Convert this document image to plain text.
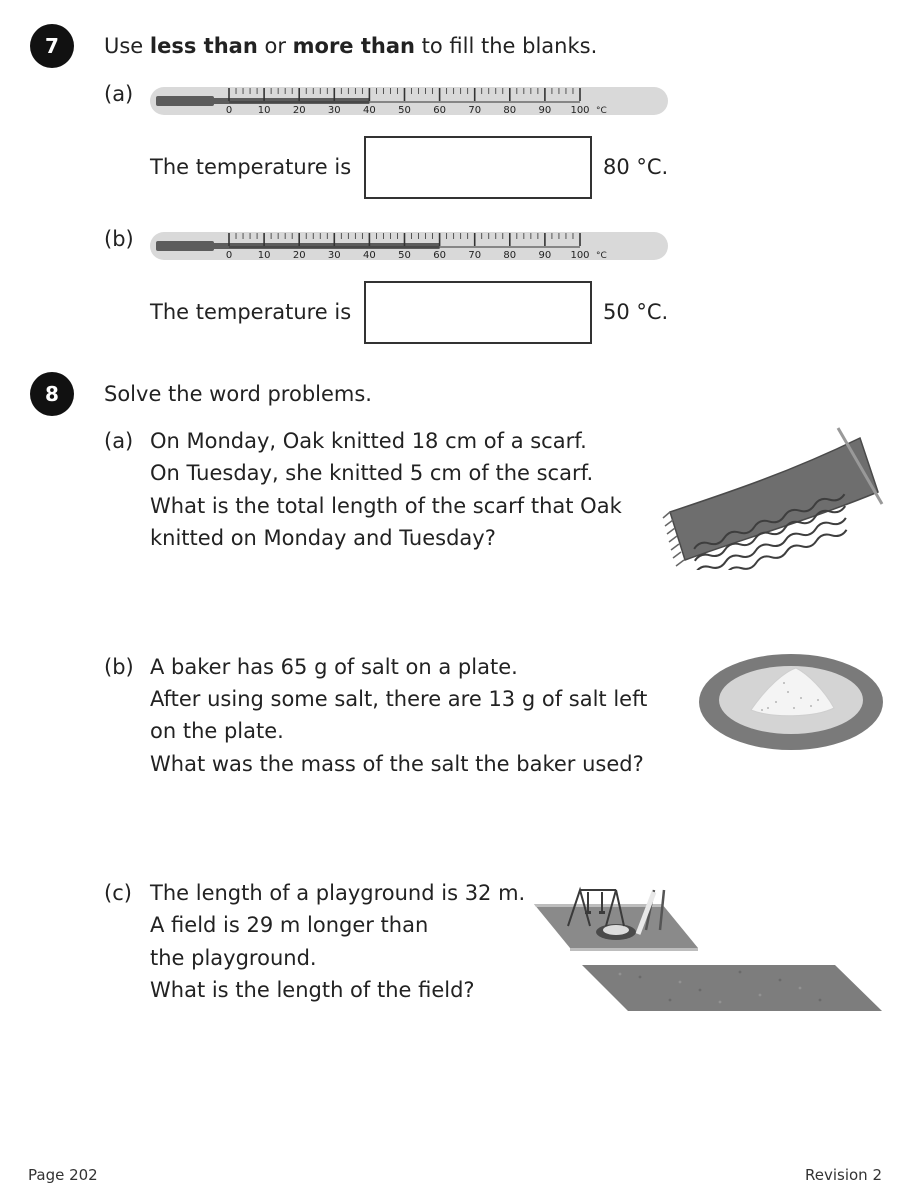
7	Use less than or more than to fill the blanks.
(a)
0	10 20 30 40 50 60 70 80 90 100 °C
The temperature is	80 °C.
(b)
0	10 20 30 40 50 60 70 80 90 100 °C
The temperature is	50 °C.
8	Solve the word problems.
(a) On Monday, Oak knitted 18 cm of a scarf.
On Tuesday, she knitted 5 cm of the scarf.
What is the total length of the scarf that Oak
knitted on Monday and Tuesday?
(b) A baker has 65 g of salt on a plate.
After using some salt, there are 13 g of salt left
on the plate.
What was the mass of the salt the baker used?
(c) The length of a playground is 32 m.
A field is 29 m longer than
the playground.
What is the length of the field?
Page 202	Revision 2
